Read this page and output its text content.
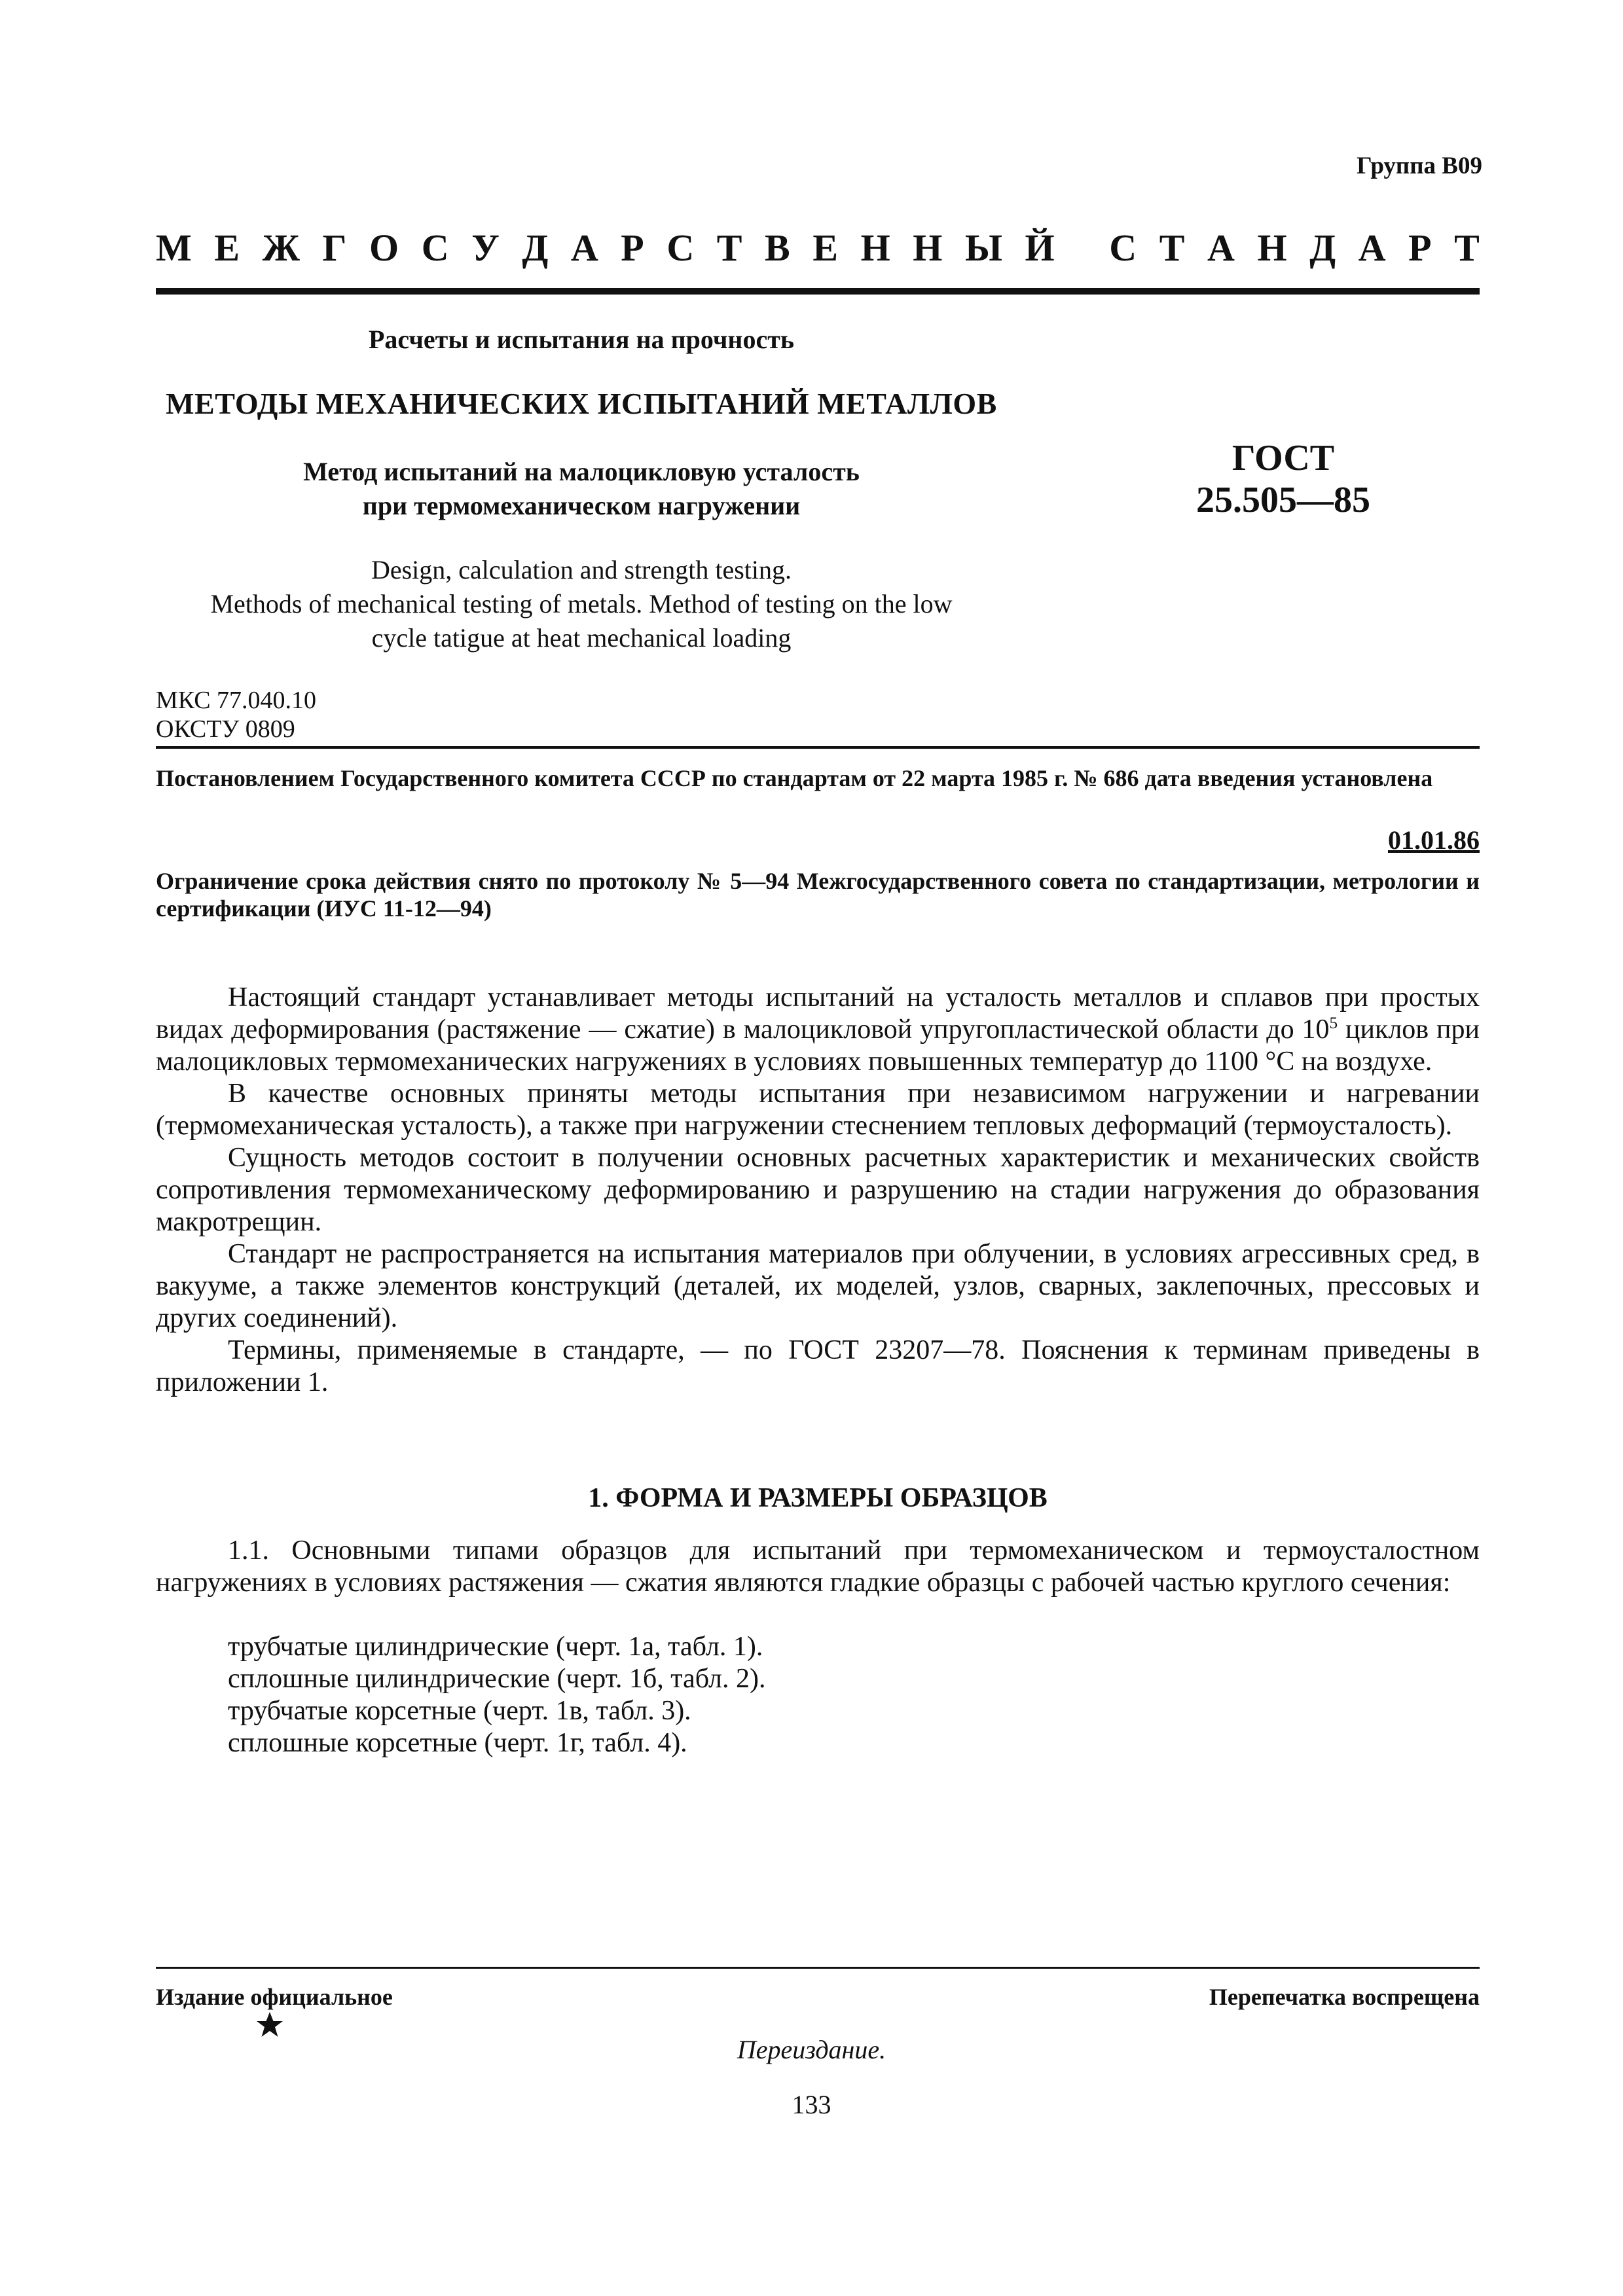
Группа В09
М Е Ж Г О С У Д А Р С Т В Е Н Н Ы Й
С Т А Н Д А Р Т
Расчеты и испытания на прочность
МЕТОДЫ МЕХАНИЧЕСКИХ ИСПЫТАНИЙ МЕТАЛЛОВ
Метод испытаний на малоцикловую усталость
при термомеханическом нагружении
ГОСТ
25.505—85
Design, calculation and strength testing.
Methods of mechanical testing of metals. Method of testing on the low
cycle tatigue at heat mechanical loading
МКС 77.040.10
ОКСТУ 0809
Постановлением Государственного комитета СССР по стандартам от 22 марта 1985 г. № 686 дата введения установлена
01.01.86
Ограничение срока действия снято по протоколу № 5—94 Межгосударственного совета по стандартизации, метрологии и сертификации (ИУС 11-12—94)

Настоящий стандарт устанавливает методы испытаний на усталость металлов и сплавов при простых видах деформирования (растяжение — сжатие) в малоцикловой упругопластической области до $10^5$ циклов при малоцикловых термомеханических нагружениях в условиях повышенных температур до 1100 °С на воздухе.

В качестве основных приняты методы испытания при независимом нагружении и нагревании (термомеханическая усталость), а также при нагружении стеснением тепловых деформаций (термоусталость).

Сущность методов состоит в получении основных расчетных характеристик и механических свойств сопротивления термомеханическому деформированию и разрушению на стадии нагружения до образования макротрещин.

Стандарт не распространяется на испытания материалов при облучении, в условиях агрессивных сред, в вакууме, а также элементов конструкций (деталей, их моделей, узлов, сварных, заклепочных, прессовых и других соединений).

Термины, применяемые в стандарте, — по ГОСТ 23207—78. Пояснения к терминам приведены в приложении 1.

1. ФОРМА И РАЗМЕРЫ ОБРАЗЦОВ

1.1. Основными типами образцов для испытаний при термомеханическом и термоусталостном нагружениях в условиях растяжения — сжатия являются гладкие образцы с рабочей частью круглого сечения:

трубчатые цилиндрические (черт. 1а, табл. 1).
сплошные цилиндрические (черт. 1б, табл. 2).
трубчатые корсетные (черт. 1в, табл. 3).
сплошные корсетные (черт. 1г, табл. 4).
Издание официальное	Перепечатка воспрещена
Переиздание.
133
